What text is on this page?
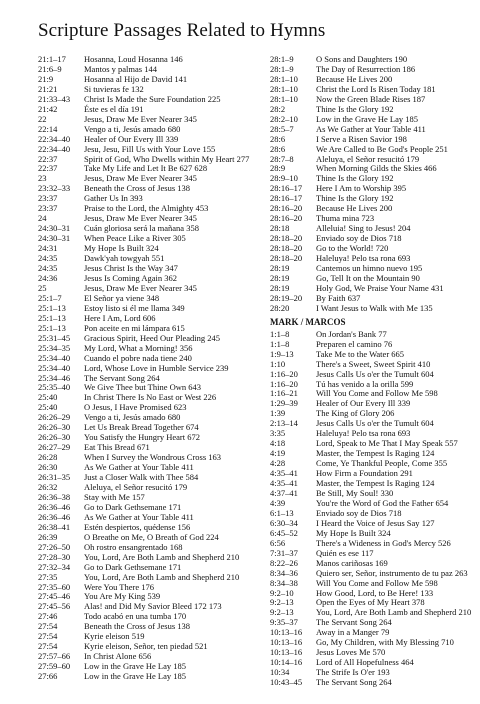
Scripture Passages Related to Hymns
21:1–17	Hosanna, Loud Hosanna 146
21:6–9	Mantos y palmas 144
21:9	Hosanna al Hijo de David 141
21:21	Si tuvieras fe 132
21:33–43	Christ Is Made the Sure Foundation 225
21:42	Éste es el día 191
22	Jesus, Draw Me Ever Nearer 345
22:14	Vengo a ti, Jesús amado 680
22:34–40	Healer of Our Every Ill 339
22:34–40	Jesu, Jesu, Fill Us with Your Love 155
22:37	Spirit of God, Who Dwells within My Heart 277
22:37	Take My Life and Let It Be 627 628
23	Jesus, Draw Me Ever Nearer 345
23:32–33	Beneath the Cross of Jesus 138
23:37	Gather Us In 393
23:37	Praise to the Lord, the Almighty 453
24	Jesus, Draw Me Ever Nearer 345
24:30–31	Cuán gloriosa será la mañana 358
24:30–31	When Peace Like a River 305
24:31	My Hope Is Built 324
24:35	Dawk'yah towgyah 551
24:35	Jesus Christ Is the Way 347
24:36	Jesus Is Coming Again 362
25	Jesus, Draw Me Ever Nearer 345
25:1–7	El Señor ya viene 348
25:1–13	Estoy listo si él me llama 349
25:1–13	Here I Am, Lord 606
25:1–13	Pon aceite en mi lámpara 615
25:31–45	Gracious Spirit, Heed Our Pleading 245
25:34–35	My Lord, What a Morning! 356
25:34–40	Cuando el pobre nada tiene 240
25:34–40	Lord, Whose Love in Humble Service 239
25:34–46	The Servant Song 264
25:35–40	We Give Thee but Thine Own 643
25:40	In Christ There Is No East or West 226
25:40	O Jesus, I Have Promised 623
26:26–29	Vengo a ti, Jesús amado 680
26:26–30	Let Us Break Bread Together 674
26:26–30	You Satisfy the Hungry Heart 672
26:27–29	Eat This Bread 671
26:28	When I Survey the Wondrous Cross 163
26:30	As We Gather at Your Table 411
26:31–35	Just a Closer Walk with Thee 584
26:32	Aleluya, el Señor resucitó 179
26:36–38	Stay with Me 157
26:36–46	Go to Dark Gethsemane 171
26:36–46	As We Gather at Your Table 411
26:38–41	Estén despiertos, quédense 156
26:39	O Breathe on Me, O Breath of God 224
27:26–50	Oh rostro ensangrentado 168
27:28–30	You, Lord, Are Both Lamb and Shepherd 210
27:32–34	Go to Dark Gethsemane 171
27:35	You, Lord, Are Both Lamb and Shepherd 210
27:35–60	Were You There 176
27:45–46	You Are My King 539
27:45–56	Alas! and Did My Savior Bleed 172 173
27:46	Todo acabó en una tumba 170
27:54	Beneath the Cross of Jesus 138
27:54	Kyrie eleison 519
27:54	Kyrie eleison, Señor, ten piedad 521
27:57–66	In Christ Alone 656
27:59–60	Low in the Grave He Lay 185
27:66	Low in the Grave He Lay 185
28:1–9	O Sons and Daughters 190
28:1–9	The Day of Resurrection 186
28:1–10	Because He Lives 200
28:1–10	Christ the Lord Is Risen Today 181
28:1–10	Now the Green Blade Rises 187
28:2	Thine Is the Glory 192
28:2–10	Low in the Grave He Lay 185
28:5–7	As We Gather at Your Table 411
28:6	I Serve a Risen Savior 198
28:6	We Are Called to Be God's People 251
28:7–8	Aleluya, el Señor resucitó 179
28:9	When Morning Gilds the Skies 466
28:9–10	Thine Is the Glory 192
28:16–17	Here I Am to Worship 395
28:16–17	Thine Is the Glory 192
28:16–20	Because He Lives 200
28:16–20	Thuma mina 723
28:18	Alleluia! Sing to Jesus! 204
28:18–20	Enviado soy de Dios 718
28:18–20	Go to the World! 720
28:18–20	Haleluya! Pelo tsa rona 693
28:19	Cantemos un himno nuevo 195
28:19	Go, Tell It on the Mountain 90
28:19	Holy God, We Praise Your Name 431
28:19–20	By Faith 637
28:20	I Want Jesus to Walk with Me 135
MARK / MARCOS
1:1–8	On Jordan's Bank 77
1:1–8	Preparen el camino 76
1:9–13	Take Me to the Water 665
1:10	There's a Sweet, Sweet Spirit 410
1:16–20	Jesus Calls Us o'er the Tumult 604
1:16–20	Tú has venido a la orilla 599
1:16–21	Will You Come and Follow Me 598
1:29–39	Healer of Our Every Ill 339
1:39	The King of Glory 206
2:13–14	Jesus Calls Us o'er the Tumult 604
3:35	Haleluya! Pelo tsa rona 693
4:18	Lord, Speak to Me That I May Speak 557
4:19	Master, the Tempest Is Raging 124
4:28	Come, Ye Thankful People, Come 355
4:35–41	How Firm a Foundation 291
4:35–41	Master, the Tempest Is Raging 124
4:37–41	Be Still, My Soul! 330
4:39	You're the Word of God the Father 654
6:1–13	Enviado soy de Dios 718
6:30–34	I Heard the Voice of Jesus Say 127
6:45–52	My Hope Is Built 324
6:56	There's a Wideness in God's Mercy 526
7:31–37	Quién es ese 117
8:22–26	Manos cariñosas 169
8:34–36	Quiero ser, Señor, instrumento de tu paz 263
8:34–38	Will You Come and Follow Me 598
9:2–10	How Good, Lord, to Be Here! 133
9:2–13	Open the Eyes of My Heart 378
9:2–13	You, Lord, Are Both Lamb and Shepherd 210
9:35–37	The Servant Song 264
10:13–16	Away in a Manger 79
10:13–16	Go, My Children, with My Blessing 710
10:13–16	Jesus Loves Me 570
10:14–16	Lord of All Hopefulness 464
10:34	The Strife Is O'er 193
10:43–45	The Servant Song 264
